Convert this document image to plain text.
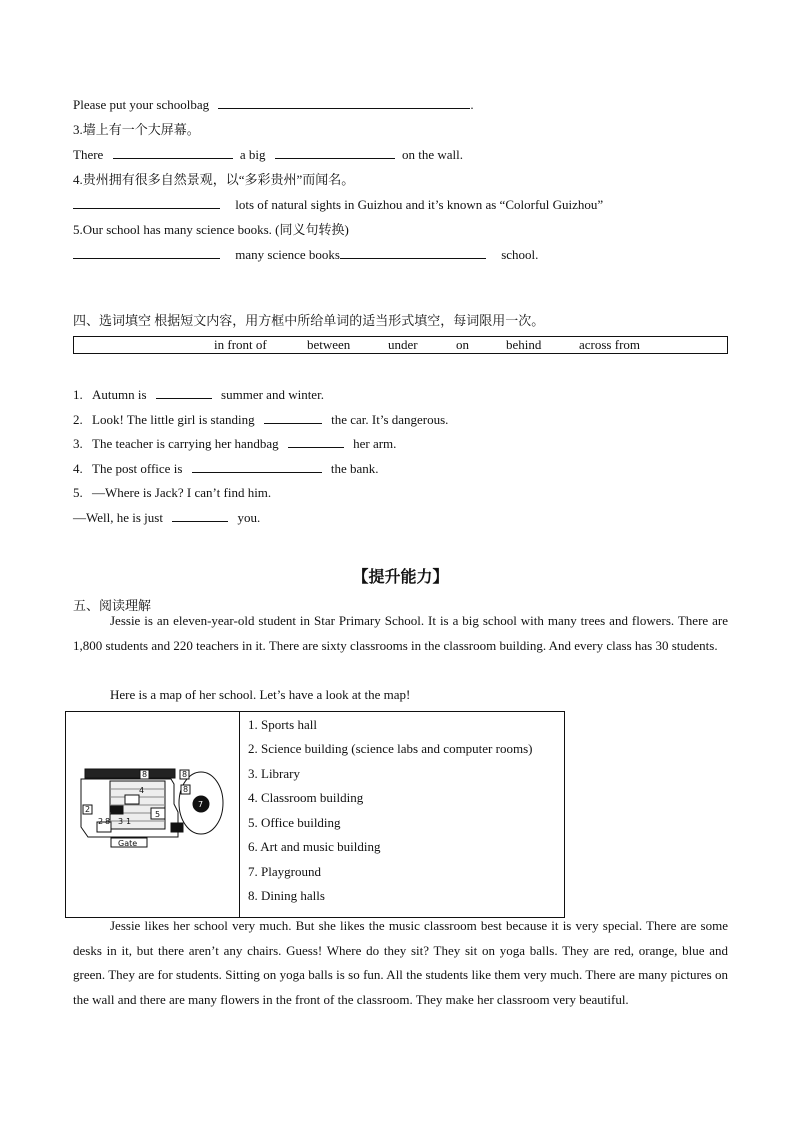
Please put your schoolbag	.
3.墙上有一个大屏幕。
There	a big	on the wall.
4.贵州拥有很多自然景观，以“多彩贵州”而闻名。
lots of natural sights in Guizhou and it’s known as “Colorful Guizhou”
5.Our school has many science books. (同义句转换)
many science books	school.
四、选词填空 根据短文内容，用方框中所给单词的适当形式填空，每词限用一次。
in front of	between	under	on	behind	across from
1. Autumn is	summer and winter.
2. Look! The little girl is standing	the car. It’s dangerous.
3. The teacher is carrying her handbag	her arm.
4. The post office is	the bank.
5. —Where is Jack? I can’t find him.
—Well, he is just	you.
【提升能力】
五、阅读理解
Jessie is an eleven-year-old student in Star Primary School. It is a big school with many trees and flowers. There are 1,800 students and 220 teachers in it. There are sixty classrooms in the classroom building. And every class has 30 students.
Here is a map of her school. Let’s have a look at the map!
8
2
8
4
3
8
7
5
8 1
2
6
Gate
1. Sports hall
2. Science building (science labs and computer rooms)
3. Library
4. Classroom building
5. Office building
6. Art and music building
7. Playground
8. Dining halls
Jessie likes her school very much. But she likes the music classroom best because it is very special. There are some desks in it, but there aren’t any chairs. Guess! Where do they sit? They sit on yoga balls. They are red, orange, blue and green. They are for students. Sitting on yoga balls is so fun. All the students like them very much. There are many pictures on the wall and there are many flowers in the front of the classroom. They make her classroom very beautiful.
